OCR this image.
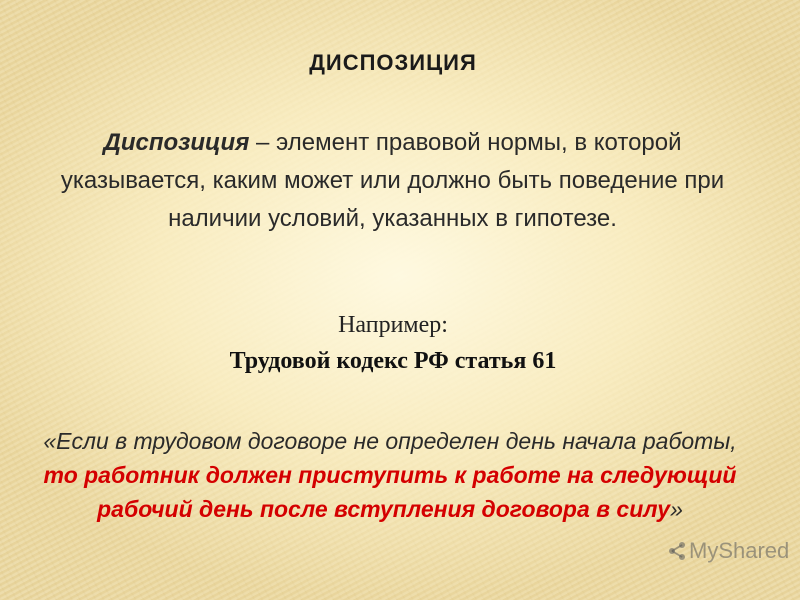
ДИСПОЗИЦИЯ
Диспозиция – элемент правовой нормы, в которой указывается, каким может или должно быть поведение при наличии условий, указанных в гипотезе.
Например:
Трудовой кодекс РФ статья 61
«Если в трудовом договоре не определен день начала работы, то работник должен приступить к работе на следующий рабочий день после вступления договора в силу»
MyShared
